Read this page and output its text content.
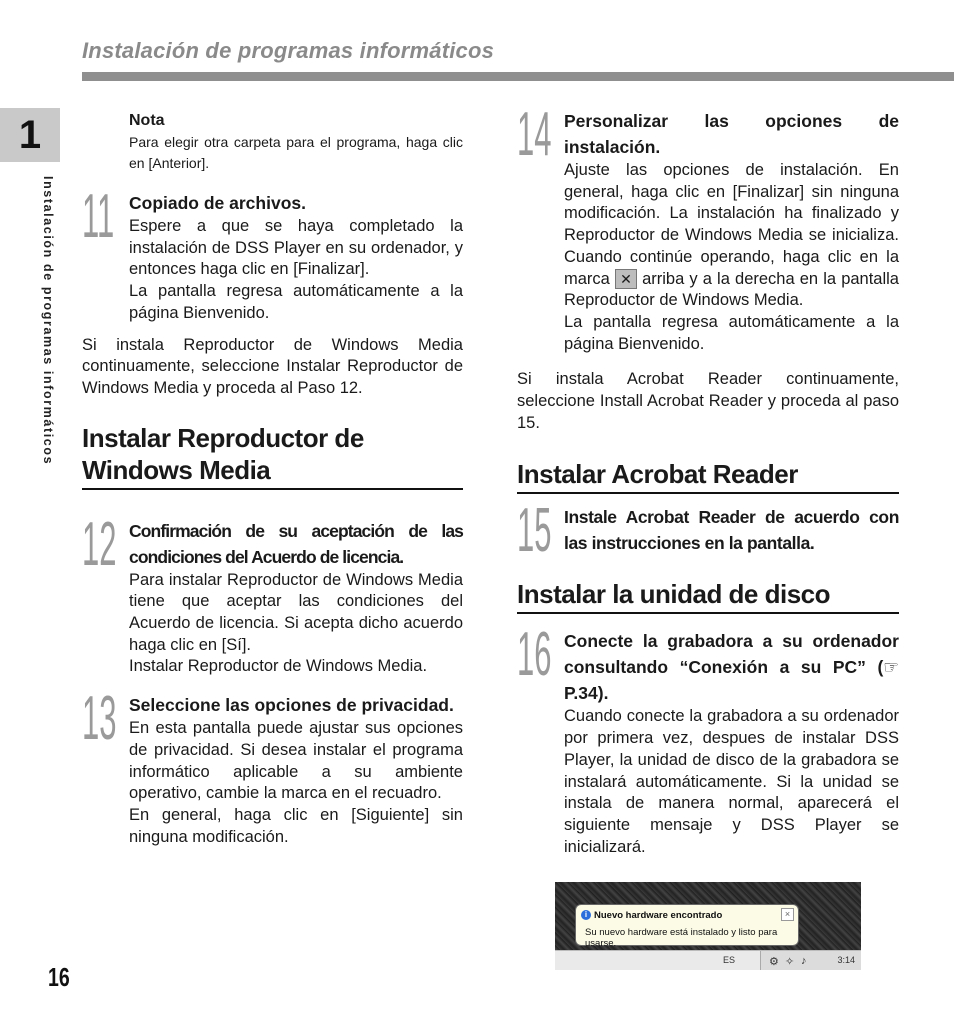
Instalación de programas informáticos
1
Instalación de programas informáticos
16
Nota
Para elegir otra carpeta para el programa, haga clic en [Anterior].
11 Copiado de archivos.
Espere a que se haya completado la instalación de DSS Player en su ordenador, y entonces haga clic en [Finalizar].
La pantalla regresa automáticamente a la página Bienvenido.
Si instala Reproductor de Windows Media continuamente, seleccione Instalar Reproductor de Windows Media y proceda al Paso 12.
Instalar Reproductor de Windows Media
12 Confirmación de su aceptación de las condiciones del Acuerdo de licencia.
Para instalar Reproductor de Windows Media tiene que aceptar las condiciones del Acuerdo de licencia. Si acepta dicho acuerdo haga clic en [Sí].
Instalar Reproductor de Windows Media.
13 Seleccione las opciones de privacidad.
En esta pantalla puede ajustar sus opciones de privacidad. Si desea instalar el programa informático aplicable a su ambiente operativo, cambie la marca en el recuadro.
En general, haga clic en [Siguiente] sin ninguna modificación.
14 Personalizar las opciones de instalación.
Ajuste las opciones de instalación. En general, haga clic en [Finalizar] sin ninguna modificación. La instalación ha finalizado y Reproductor de Windows Media se inicializa. Cuando continúe operando, haga clic en la marca ✕ arriba y a la derecha en la pantalla Reproductor de Windows Media.
La pantalla regresa automáticamente a la página Bienvenido.
Si instala Acrobat Reader continuamente, seleccione Install Acrobat Reader y proceda al paso 15.
Instalar Acrobat Reader
15 Instale Acrobat Reader de acuerdo con las instrucciones en la pantalla.
Instalar la unidad de disco
16 Conecte la grabadora a su ordenador consultando “Conexión a su PC” (☞ P.34).
Cuando conecte la grabadora a su ordenador por primera vez, despues de instalar DSS Player, la unidad de disco de la grabadora se instalará automáticamente. Si la unidad se instala de manera normal, aparecerá el siguiente mensaje y DSS Player se inicializará.
i Nuevo hardware encontrado	×
Su nuevo hardware está instalado y listo para usarse.
ES	⚙ ✧ ♪	3:14
